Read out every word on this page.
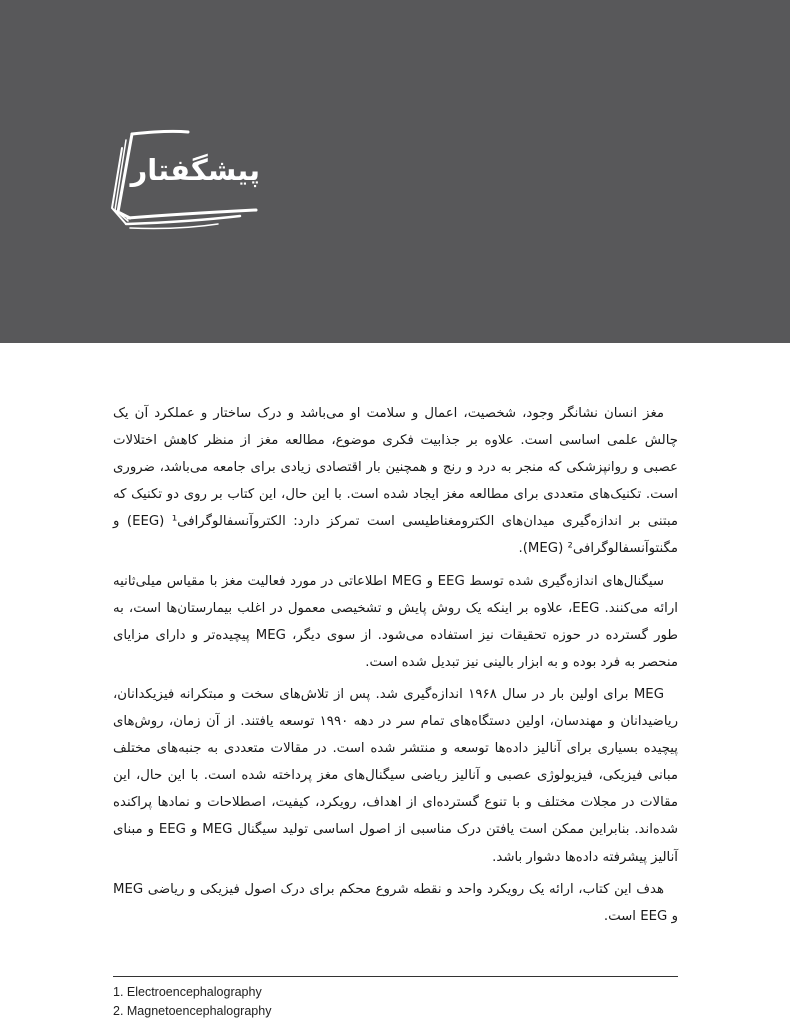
پیشگفتار

مغز انسان نشانگر وجود، شخصیت، اعمال و سلامت او می‌باشد و درک ساختار و عملکرد آن یک چالش علمی اساسی است. علاوه بر جذابیت فکری موضوع، مطالعه مغز از منظر کاهش اختلالات عصبی و روانپزشکی که منجر به درد و رنج و همچنین بار اقتصادی زیادی برای جامعه می‌باشد، ضروری است. تکنیک‌های متعددی برای مطالعه مغز ایجاد شده است. با این حال، این کتاب بر روی دو تکنیک که مبتنی بر اندازه‌گیری میدان‌های الکترومغناطیسی است تمرکز دارد: الکتروآنسفالوگرافی¹ (EEG) و مگنتوآنسفالوگرافی² (MEG).

سیگنال‌های اندازه‌گیری شده توسط EEG و MEG اطلاعاتی در مورد فعالیت مغز با مقیاس میلی‌ثانیه ارائه می‌کنند. EEG، علاوه بر اینکه یک روش پایش و تشخیصی معمول در اغلب بیمارستان‌ها است، به طور گسترده در حوزه تحقیقات نیز استفاده می‌شود. از سوی دیگر، MEG پیچیده‌تر و دارای مزایای منحصر به فرد بوده و به ابزار بالینی نیز تبدیل شده است.

MEG برای اولین بار در سال ۱۹۶۸ اندازه‌گیری شد. پس از تلاش‌های سخت و مبتکرانه فیزیکدانان، ریاضیدانان و مهندسان، اولین دستگاه‌های تمام سر در دهه ۱۹۹۰ توسعه یافتند. از آن زمان، روش‌های پیچیده بسیاری برای آنالیز داده‌ها توسعه و منتشر شده است. در مقالات متعددی به جنبه‌های مختلف مبانی فیزیکی، فیزیولوژی عصبی و آنالیز ریاضی سیگنال‌های مغز پرداخته شده است. با این حال، این مقالات در مجلات مختلف و با تنوع گسترده‌ای از اهداف، رویکرد، کیفیت، اصطلاحات و نمادها پراکنده شده‌اند. بنابراین ممکن است یافتن درک مناسبی از اصول اساسی تولید سیگنال MEG و EEG و مبنای آنالیز پیشرفته داده‌ها دشوار باشد.

هدف این کتاب، ارائه یک رویکرد واحد و نقطه شروع محکم برای درک اصول فیزیکی و ریاضی MEG و EEG است.

1. Electroencephalography
2. Magnetoencephalography
